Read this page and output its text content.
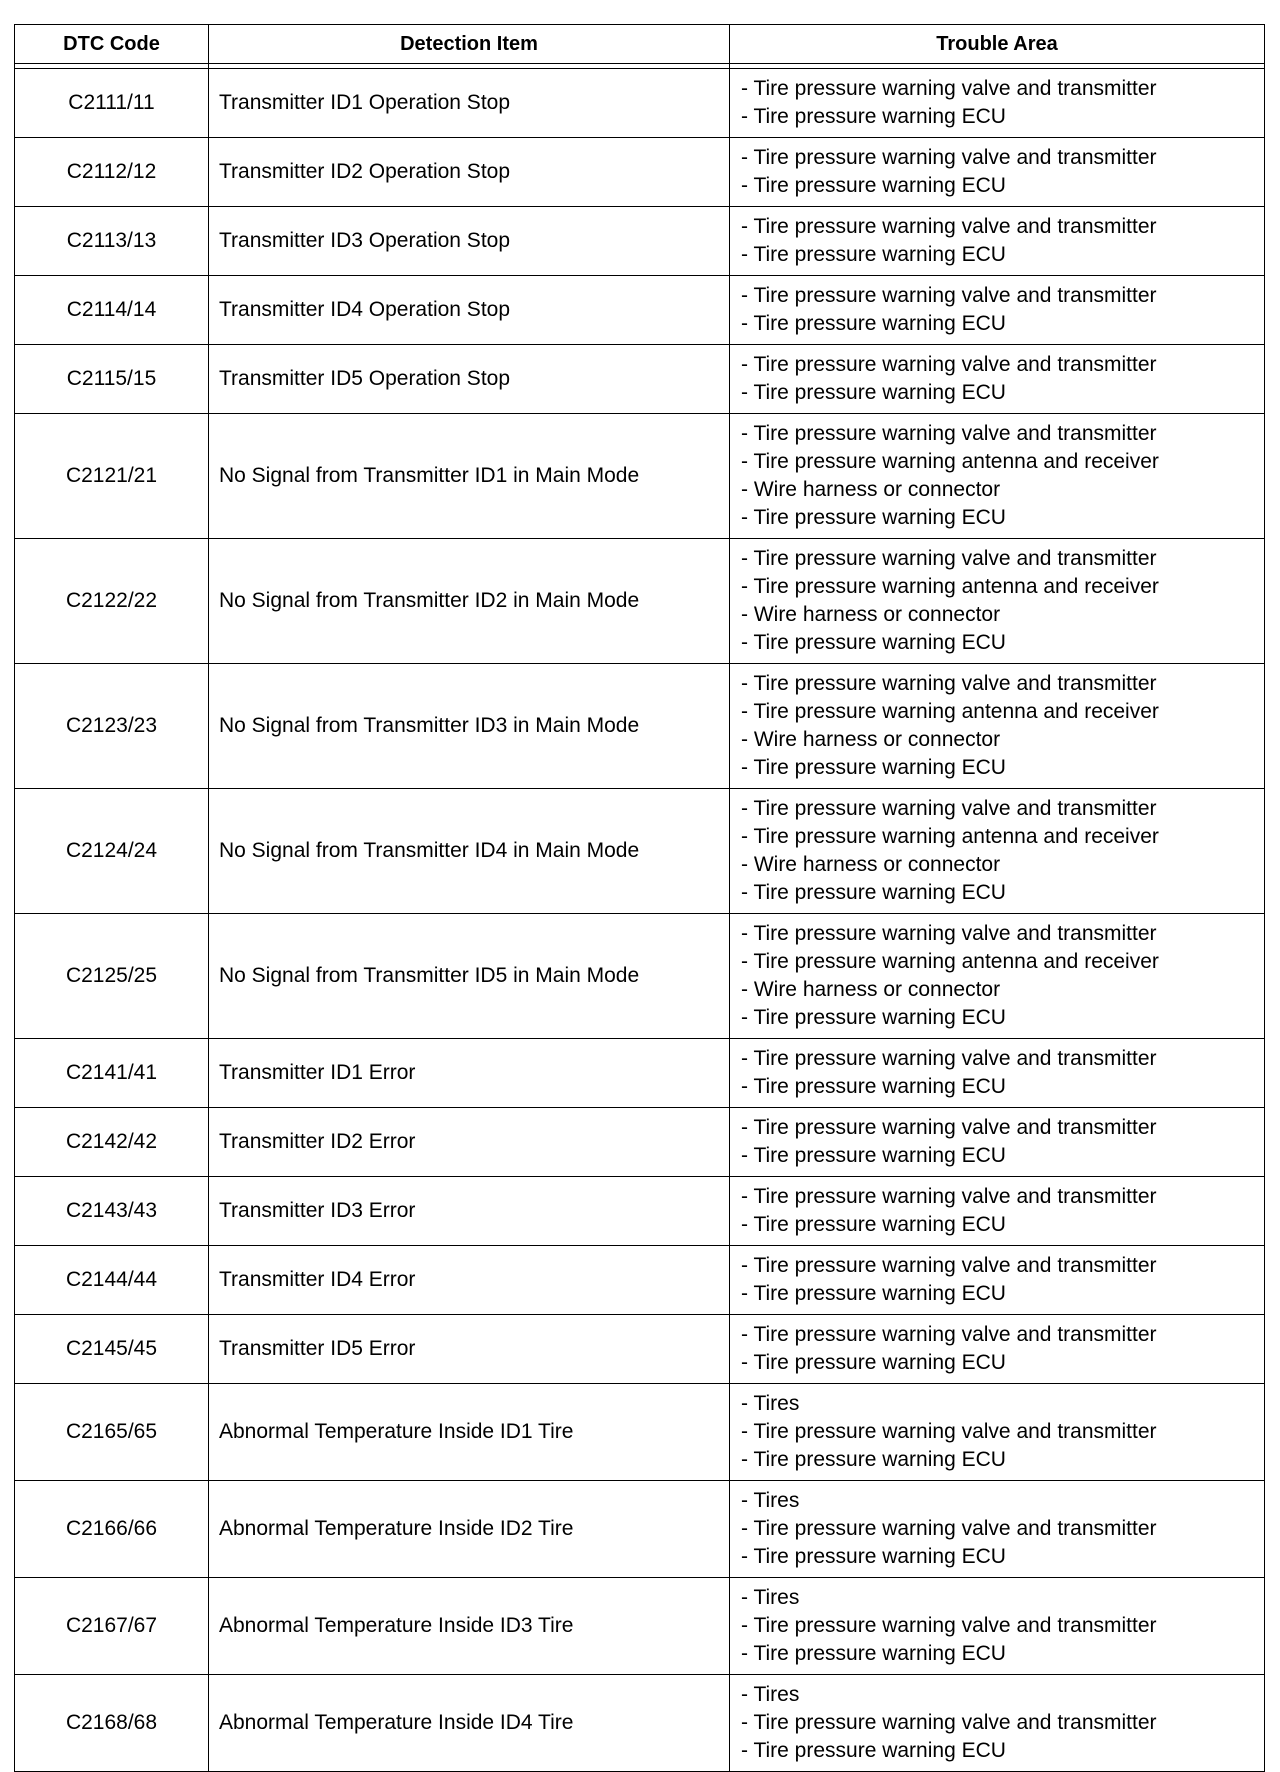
DTC Code	Detection Item	Trouble Area

C2111/11	Transmitter ID1 Operation Stop	- Tire pressure warning valve and transmitter
- Tire pressure warning ECU

C2112/12	Transmitter ID2 Operation Stop	- Tire pressure warning valve and transmitter
- Tire pressure warning ECU

C2113/13	Transmitter ID3 Operation Stop	- Tire pressure warning valve and transmitter
- Tire pressure warning ECU

C2114/14	Transmitter ID4 Operation Stop	- Tire pressure warning valve and transmitter
- Tire pressure warning ECU

C2115/15	Transmitter ID5 Operation Stop	- Tire pressure warning valve and transmitter
- Tire pressure warning ECU

C2121/21	No Signal from Transmitter ID1 in Main Mode	- Tire pressure warning valve and transmitter
- Tire pressure warning antenna and receiver
- Wire harness or connector
- Tire pressure warning ECU

C2122/22	No Signal from Transmitter ID2 in Main Mode	- Tire pressure warning valve and transmitter
- Tire pressure warning antenna and receiver
- Wire harness or connector
- Tire pressure warning ECU

C2123/23	No Signal from Transmitter ID3 in Main Mode	- Tire pressure warning valve and transmitter
- Tire pressure warning antenna and receiver
- Wire harness or connector
- Tire pressure warning ECU

C2124/24	No Signal from Transmitter ID4 in Main Mode	- Tire pressure warning valve and transmitter
- Tire pressure warning antenna and receiver
- Wire harness or connector
- Tire pressure warning ECU

C2125/25	No Signal from Transmitter ID5 in Main Mode	- Tire pressure warning valve and transmitter
- Tire pressure warning antenna and receiver
- Wire harness or connector
- Tire pressure warning ECU

C2141/41	Transmitter ID1 Error	- Tire pressure warning valve and transmitter
- Tire pressure warning ECU

C2142/42	Transmitter ID2 Error	- Tire pressure warning valve and transmitter
- Tire pressure warning ECU

C2143/43	Transmitter ID3 Error	- Tire pressure warning valve and transmitter
- Tire pressure warning ECU

C2144/44	Transmitter ID4 Error	- Tire pressure warning valve and transmitter
- Tire pressure warning ECU

C2145/45	Transmitter ID5 Error	- Tire pressure warning valve and transmitter
- Tire pressure warning ECU

C2165/65	Abnormal Temperature Inside ID1 Tire	- Tires
- Tire pressure warning valve and transmitter
- Tire pressure warning ECU

C2166/66	Abnormal Temperature Inside ID2 Tire	- Tires
- Tire pressure warning valve and transmitter
- Tire pressure warning ECU

C2167/67	Abnormal Temperature Inside ID3 Tire	- Tires
- Tire pressure warning valve and transmitter
- Tire pressure warning ECU

C2168/68	Abnormal Temperature Inside ID4 Tire	- Tires
- Tire pressure warning valve and transmitter
- Tire pressure warning ECU
